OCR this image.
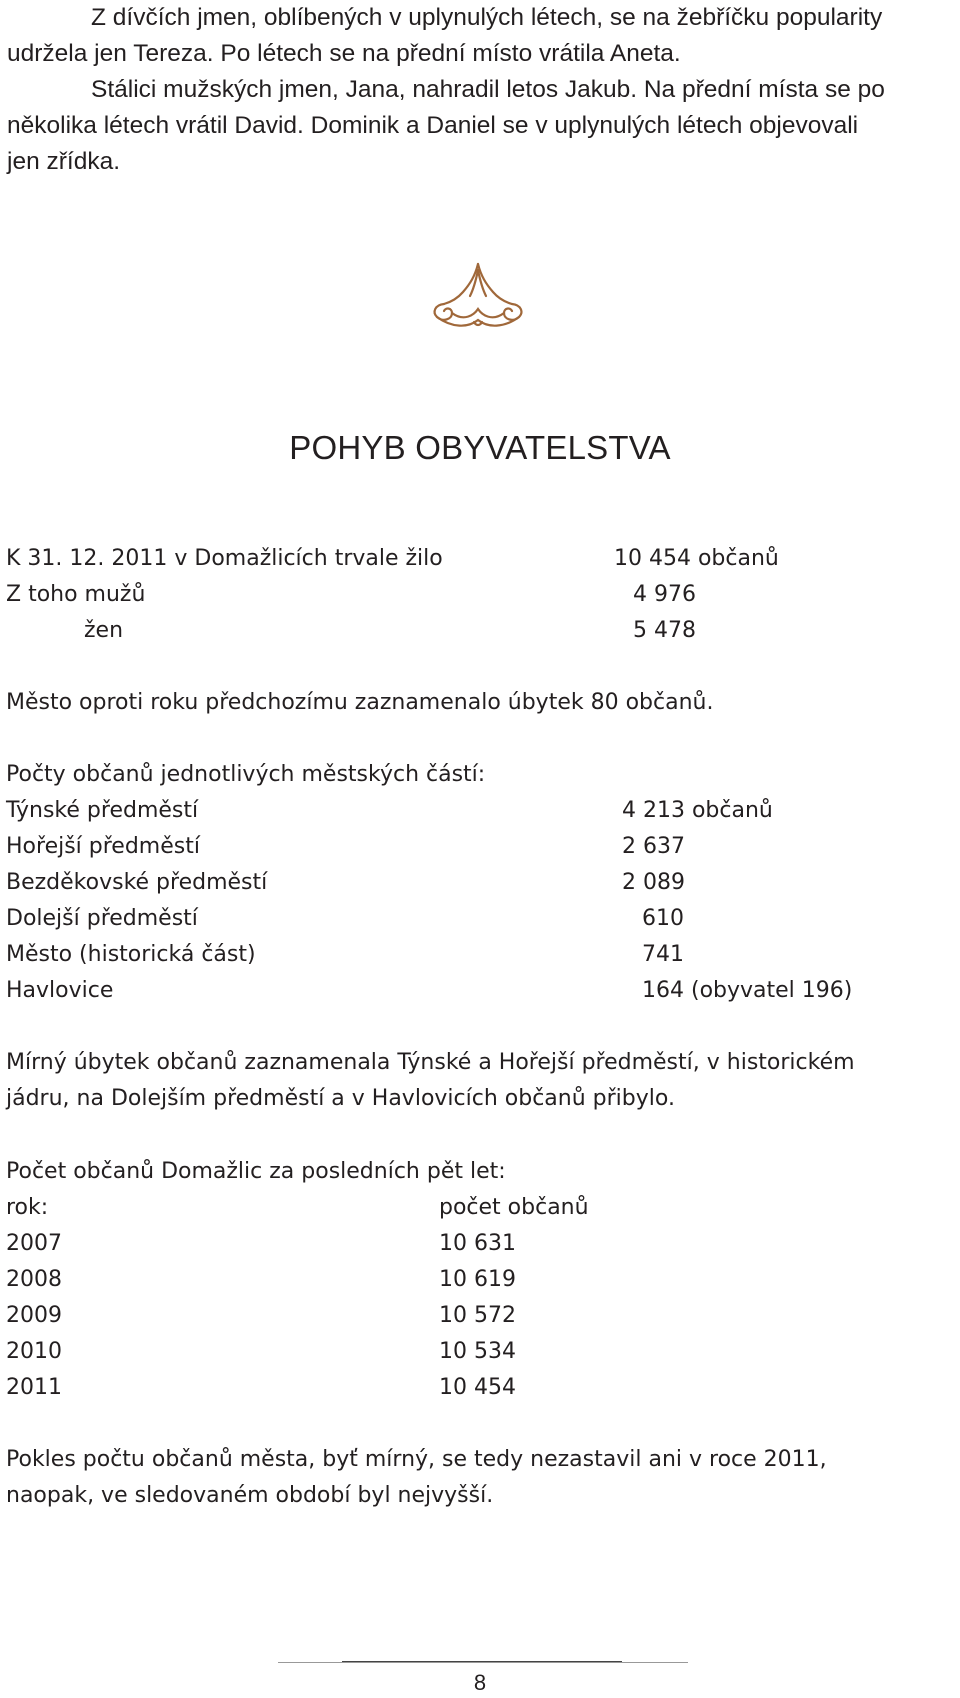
Z dívčích jmen, oblíbených v uplynulých létech, se na žebříčku popularity

udržela jen Tereza. Po létech se na přední místo vrátila Aneta.

Stálici mužských jmen, Jana, nahradil letos Jakub. Na přední místa se po

několika létech vrátil David. Dominik a Daniel se v uplynulých létech objevovali

jen zřídka.

POHYB OBYVATELSTVA
K 31. 12. 2011 v Domažlicích trvale žilo	10 454 občanů
Z toho mužů	4 976
žen	5 478
Město oproti roku předchozímu zaznamenalo úbytek 80 občanů.
Počty občanů jednotlivých městských částí:
Týnské předměstí	4 213 občanů
Hořejší předměstí	2 637
Bezděkovské předměstí	2 089
Dolejší předměstí	610
Město (historická část)	741
Havlovice	164 (obyvatel 196)
Mírný úbytek občanů zaznamenala Týnské a Hořejší předměstí, v historickém
jádru, na Dolejším předměstí a v Havlovicích občanů přibylo.
Počet občanů Domažlic za posledních pět let:
rok:	počet občanů
2007	10 631
2008	10 619
2009	10 572
2010	10 534
2011	10 454
Pokles počtu občanů města, byť mírný, se tedy nezastavil ani v roce 2011,
naopak, ve sledovaném období byl nejvyšší.
8
